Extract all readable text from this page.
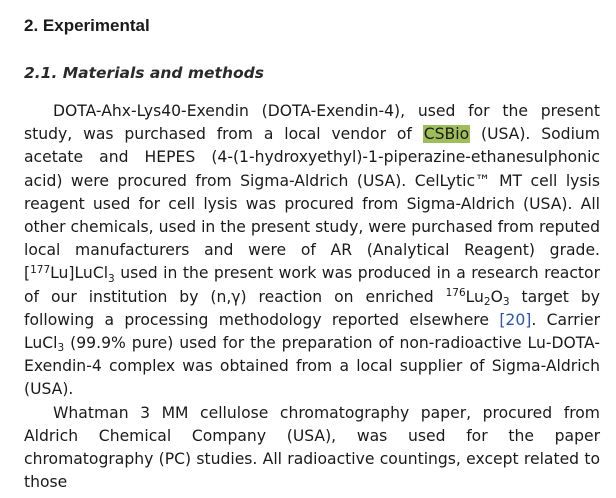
2. Experimental
2.1. Materials and methods

DOTA-Ahx-Lys40-Exendin (DOTA-Exendin-4), used for the present study, was purchased from a local vendor of CSBio (USA). Sodium acetate and HEPES (4-(1-hydroxyethyl)-1-piperazine-ethanesulphonic acid) were procured from Sigma-Aldrich (USA). CelLytic™ MT cell lysis reagent used for cell lysis was procured from Sigma-Aldrich (USA). All other chemicals, used in the present study, were purchased from reputed local manufacturers and were of AR (Analytical Reagent) grade. [$^{177}$Lu]LuCl$_3$ used in the present work was produced in a research reactor of our institution by (n,γ) reaction on enriched $^{176}Lu_2O_3$ target by following a processing methodology reported elsewhere [20]. Carrier LuCl$_3$ (99.9% pure) used for the preparation of non-radioactive Lu-DOTA-Exendin-4 complex was obtained from a local supplier of Sigma-Aldrich (USA).

Whatman 3 MM cellulose chromatography paper, procured from Aldrich Chemical Company (USA), was used for the paper chromatography (PC) studies. All radioactive countings, except related to those
